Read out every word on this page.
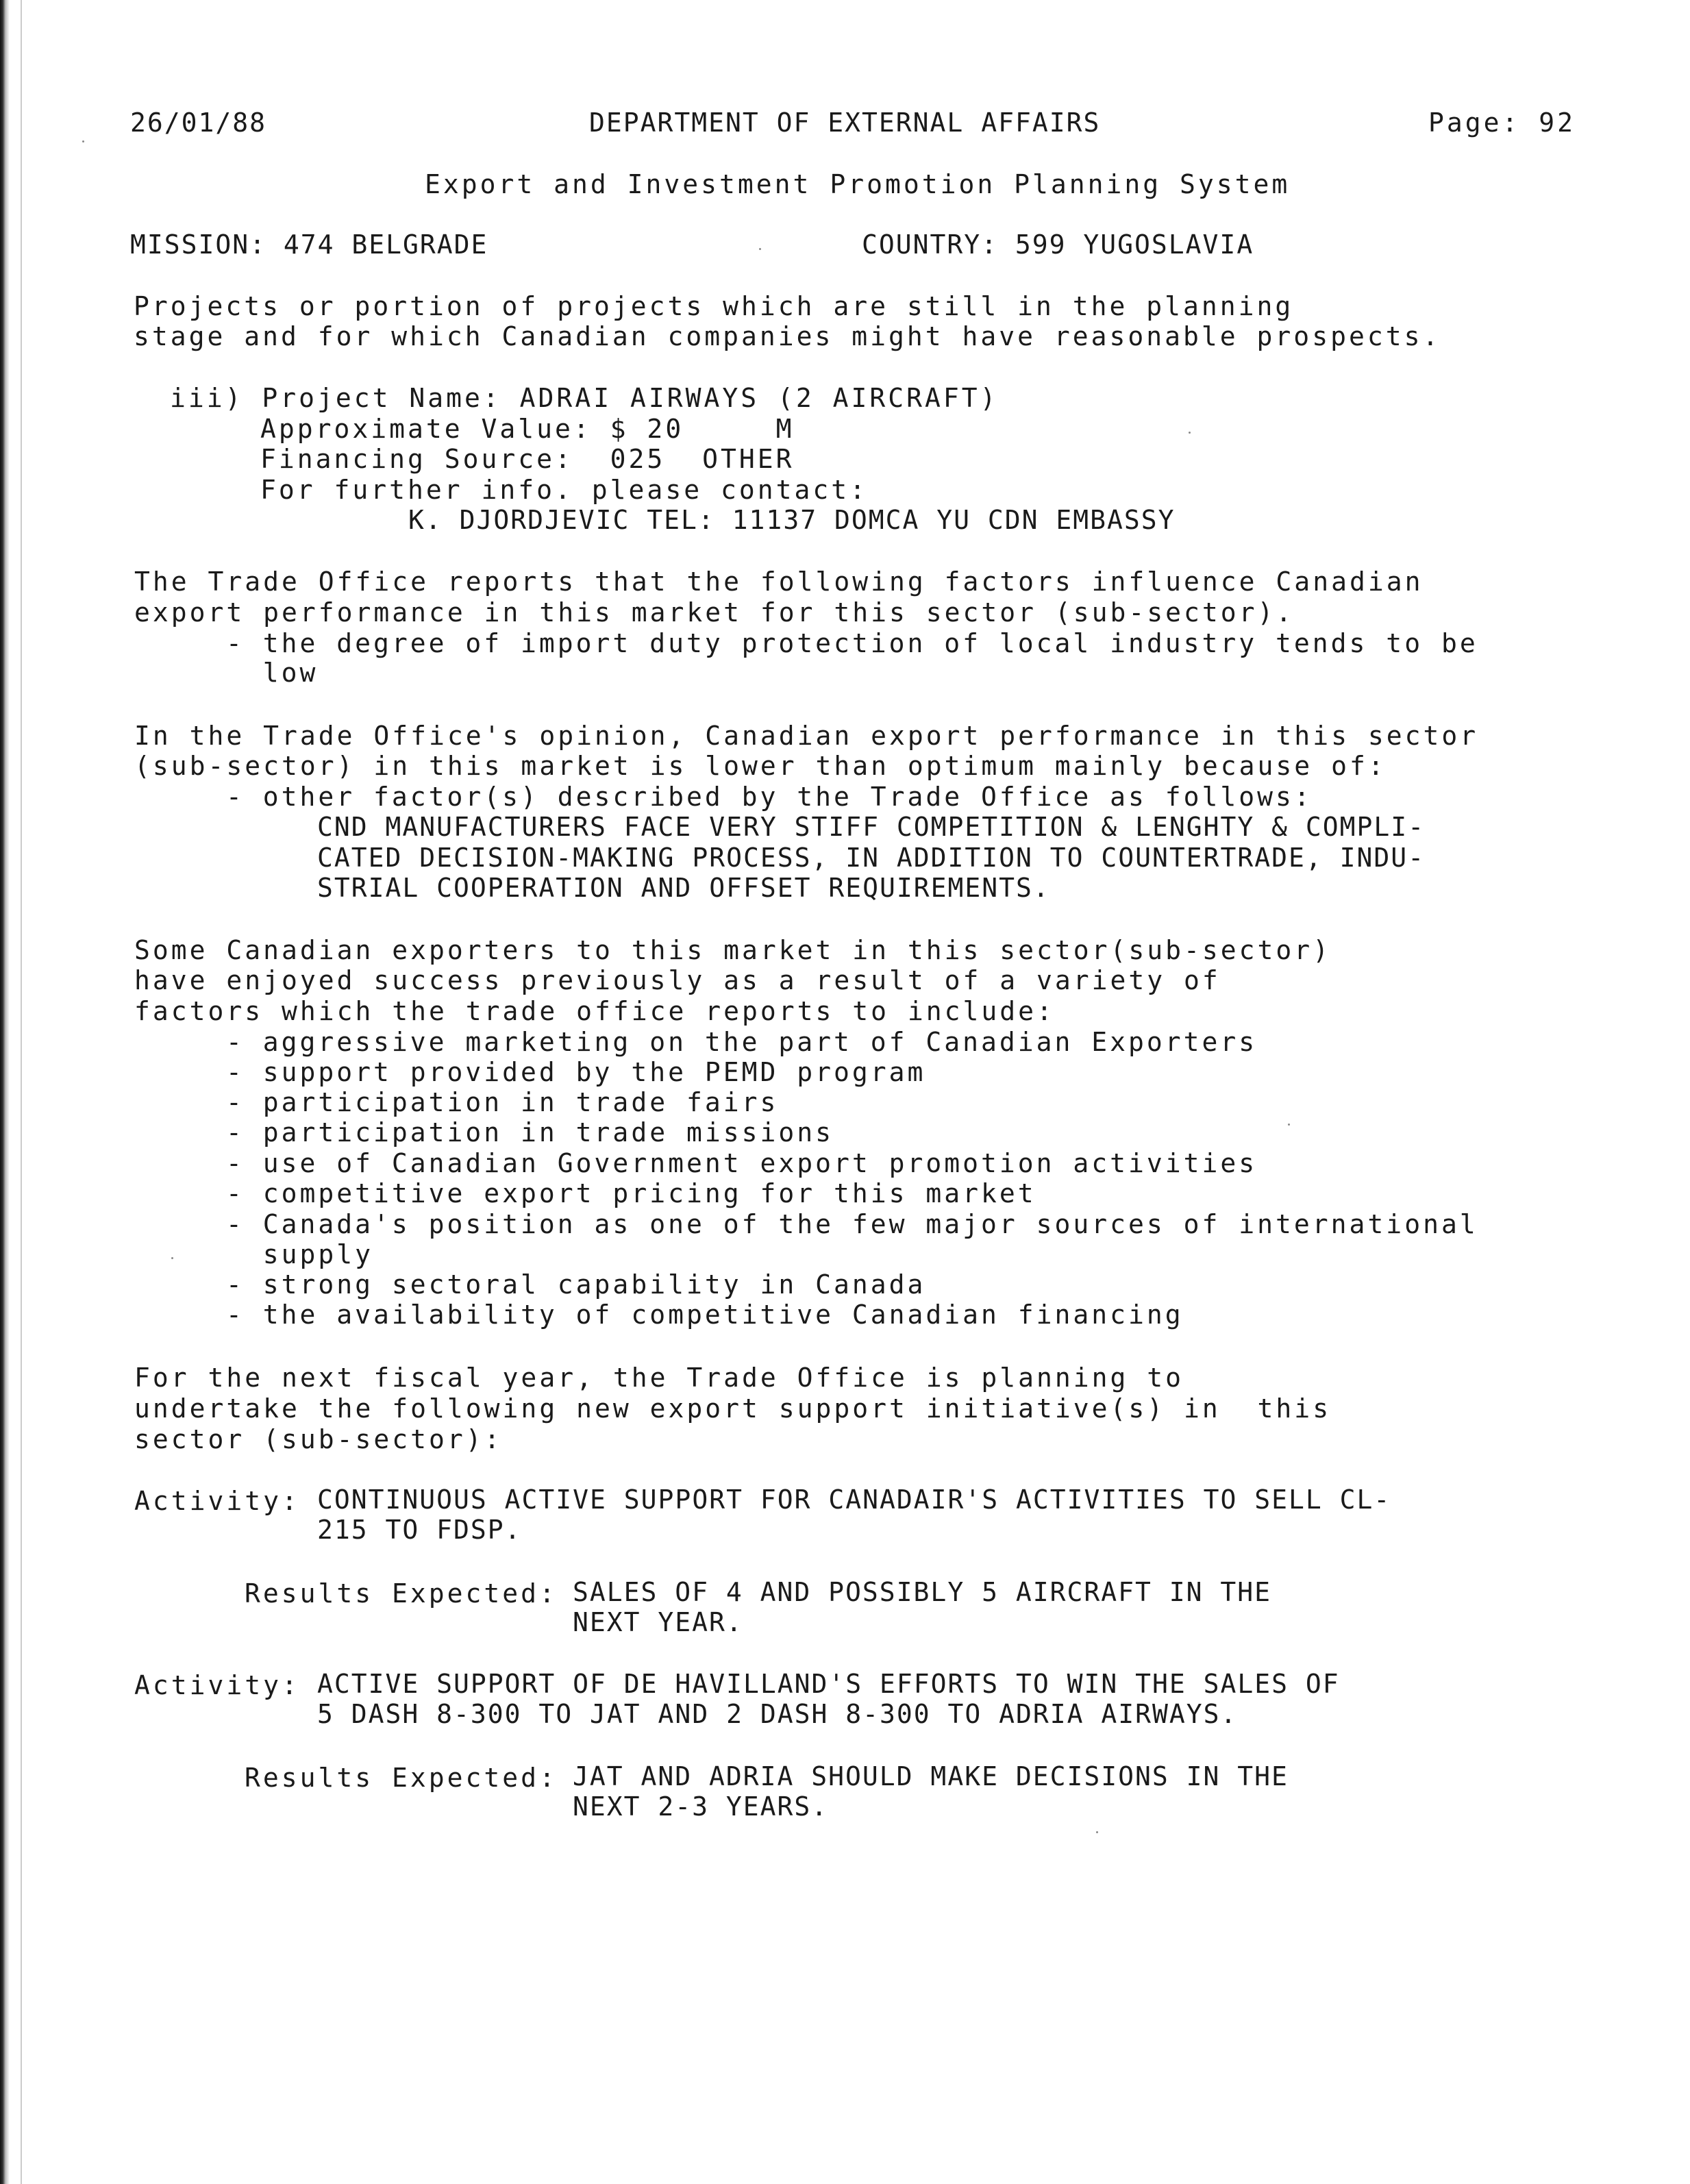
26/01/88	DEPARTMENT OF EXTERNAL AFFAIRS	Page: 92
Export and Investment Promotion Planning System
MISSION: 474 BELGRADE	COUNTRY: 599 YUGOSLAVIA
Projects or portion of projects which are still in the planning
stage and for which Canadian companies might have reasonable prospects.
iii) Project Name: ADRAI AIRWAYS (2 AIRCRAFT)
Approximate Value: $ 20     M
Financing Source:  025  OTHER
For further info. please contact:
K. DJORDJEVIC TEL: 11137 DOMCA YU CDN EMBASSY
The Trade Office reports that the following factors influence Canadian
export performance in this market for this sector (sub-sector).
- the degree of import duty protection of local industry tends to be
low
In the Trade Office's opinion, Canadian export performance in this sector
(sub-sector) in this market is lower than optimum mainly because of:
- other factor(s) described by the Trade Office as follows:
CND MANUFACTURERS FACE VERY STIFF COMPETITION & LENGHTY & COMPLI-
CATED DECISION-MAKING PROCESS, IN ADDITION TO COUNTERTRADE, INDU-
STRIAL COOPERATION AND OFFSET REQUIREMENTS.
Some Canadian exporters to this market in this sector(sub-sector)
have enjoyed success previously as a result of a variety of
factors which the trade office reports to include:
- aggressive marketing on the part of Canadian Exporters
- support provided by the PEMD program
- participation in trade fairs
- participation in trade missions
- use of Canadian Government export promotion activities
- competitive export pricing for this market
- Canada's position as one of the few major sources of international
supply
- strong sectoral capability in Canada
- the availability of competitive Canadian financing
For the next fiscal year, the Trade Office is planning to
undertake the following new export support initiative(s) in  this
sector (sub-sector):
Activity: CONTINUOUS ACTIVE SUPPORT FOR CANADAIR'S ACTIVITIES TO SELL CL-
215 TO FDSP.
Results Expected: SALES OF 4 AND POSSIBLY 5 AIRCRAFT IN THE
NEXT YEAR.
Activity: ACTIVE SUPPORT OF DE HAVILLAND'S EFFORTS TO WIN THE SALES OF
5 DASH 8-300 TO JAT AND 2 DASH 8-300 TO ADRIA AIRWAYS.
Results Expected: JAT AND ADRIA SHOULD MAKE DECISIONS IN THE
NEXT 2-3 YEARS.
